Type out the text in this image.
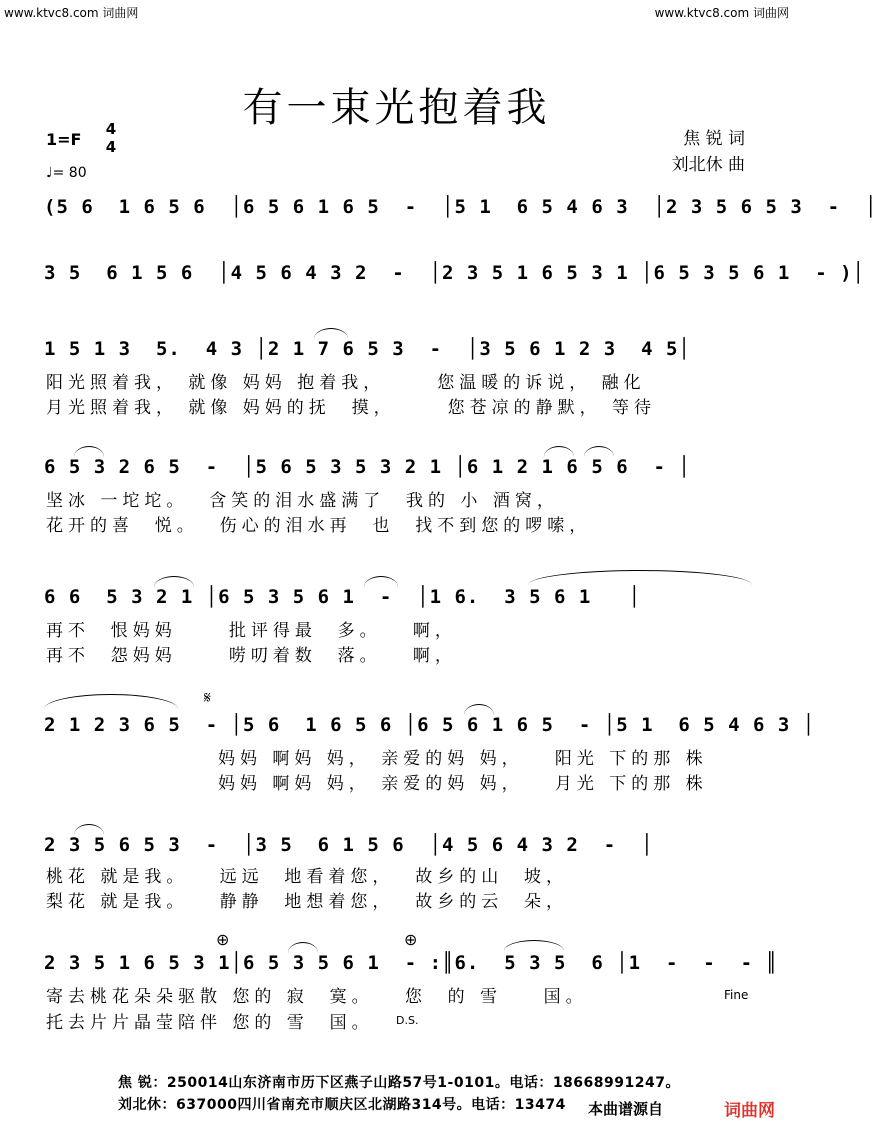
www.ktvc8.com 词曲网	www.ktvc8.com 词曲网
有一束光抱着我
1=F
4
4
♩= 80
焦 锐 词
刘北休 曲
(5 6  1 6 5 6  │6 5 6 1 6 5  -  │5 1  6 5 4 6 3  │2 3 5 6 5 3  -  │
3 5  6 1 5 6  │4 5 6 4 3 2  -  │2 3 5 1 6 5 3 1 │6 5 3 5 6 1  - )│
1 5 1 3  5.  4 3 │2 1 7 6 5 3  -  │3 5 6 1 2 3  4 5│
阳光照着我， 就像 妈妈 抱着我，     您温暖的诉说， 融化
月光照着我， 就像 妈妈的抚  摸，     您苍凉的静默， 等待
6 5 3 2 6 5  -  │5 6 5 3 5 3 2 1 │6 1 2 1 6 5 6  - │
坚冰 一坨坨。  含笑的泪水盛满了  我的 小 酒窝，
花开的喜  悦。  伤心的泪水再  也  找不到您的啰嗦，
6 6  5 3 2 1 │6 5 3 5 6 1  -  │1 6.  3 5 6 1   │
再不  恨妈妈     批评得最  多。   啊，
再不  怨妈妈     唠叨着数  落。   啊，
𝄋
2 1 2 3 6 5  - │5 6  1 6 5 6 │6 5 6 1 6 5  - │5 1  6 5 4 6 3 │
妈妈 啊妈 妈， 亲爱的妈 妈，   阳光 下的那 株
妈妈 啊妈 妈， 亲爱的妈 妈，   月光 下的那 株
2 3 5 6 5 3  -  │3 5  6 1 5 6  │4 5 6 4 3 2  -  │
桃花 就是我。   远远  地看着您，  故乡的山  坡，
梨花 就是我。   静静  地想着您，  故乡的云  朵，
⊕	⊕
2 3 5 1 6 5 3 1│6 5 3 5 6 1  - :║6.  5 3 5  6 │1  -  -  - ║
寄去桃花朵朵驱散 您的 寂  寞。   您  的 雪    国。
托去片片晶莹陪伴 您的 雪  国。
Fine
D.S.
焦 锐：250014山东济南市历下区燕子山路57号1-0101。电话：18668991247。
刘北休：637000四川省南充市顺庆区北湖路314号。电话：13474 本曲谱源自	词曲网
